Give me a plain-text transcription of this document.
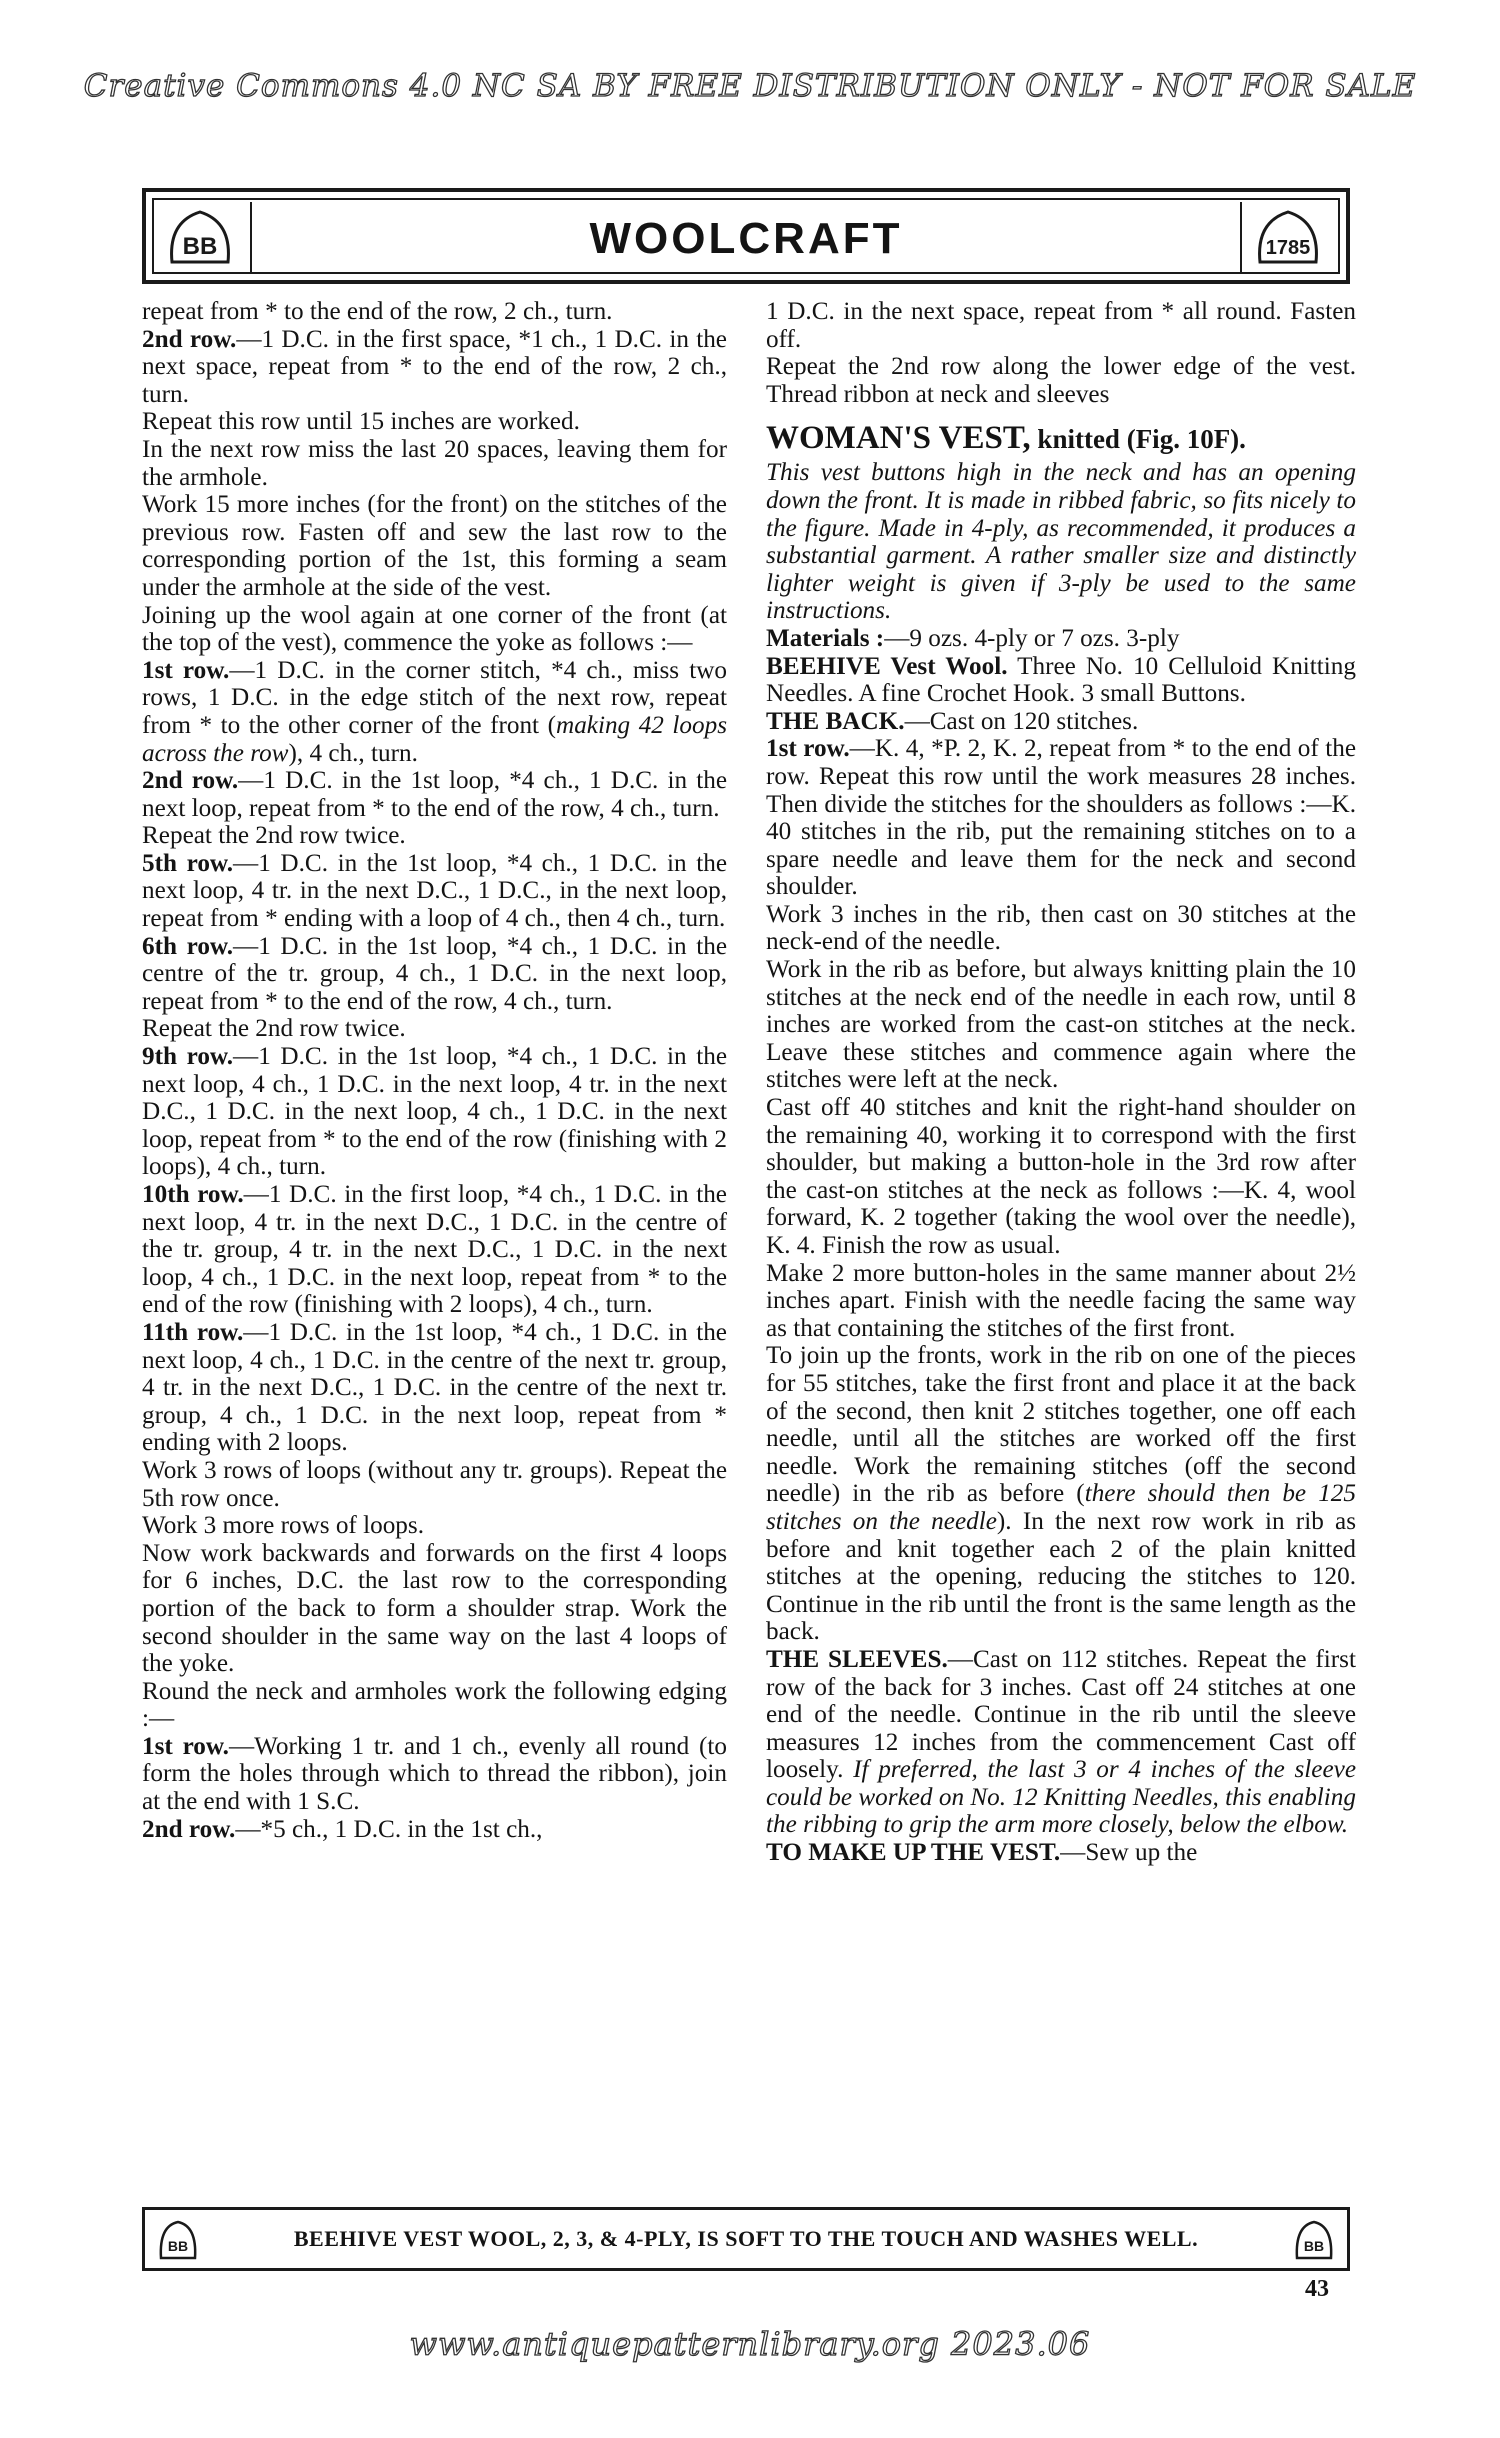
Creative Commons 4.0 NC SA BY FREE DISTRIBUTION ONLY - NOT FOR SALE
BB	WOOLCRAFT	1785

repeat from * to the end of the row, 2 ch., turn.
2nd row.—1 D.C. in the first space, *1 ch., 1 D.C. in the next space, repeat from * to the end of the row, 2 ch., turn.

Repeat this row until 15 inches are worked.

In the next row miss the last 20 spaces, leaving them for the armhole.

Work 15 more inches (for the front) on the stitches of the previous row. Fasten off and sew the last row to the corresponding portion of the 1st, this forming a seam under the armhole at the side of the vest.

Joining up the wool again at one corner of the front (at the top of the vest), commence the yoke as follows :—

1st row.—1 D.C. in the corner stitch, *4 ch., miss two rows, 1 D.C. in the edge stitch of the next row, repeat from * to the other corner of the front (making 42 loops across the row), 4 ch., turn.

2nd row.—1 D.C. in the 1st loop, *4 ch., 1 D.C. in the next loop, repeat from * to the end of the row, 4 ch., turn.

Repeat the 2nd row twice.

5th row.—1 D.C. in the 1st loop, *4 ch., 1 D.C. in the next loop, 4 tr. in the next D.C., 1 D.C., in the next loop, repeat from * ending with a loop of 4 ch., then 4 ch., turn.

6th row.—1 D.C. in the 1st loop, *4 ch., 1 D.C. in the centre of the tr. group, 4 ch., 1 D.C. in the next loop, repeat from * to the end of the row, 4 ch., turn.

Repeat the 2nd row twice.

9th row.—1 D.C. in the 1st loop, *4 ch., 1 D.C. in the next loop, 4 ch., 1 D.C. in the next loop, 4 tr. in the next D.C., 1 D.C. in the next loop, 4 ch., 1 D.C. in the next loop, repeat from * to the end of the row (finishing with 2 loops), 4 ch., turn.

10th row.—1 D.C. in the first loop, *4 ch., 1 D.C. in the next loop, 4 tr. in the next D.C., 1 D.C. in the centre of the tr. group, 4 tr. in the next D.C., 1 D.C. in the next loop, 4 ch., 1 D.C. in the next loop, repeat from * to the end of the row (finishing with 2 loops), 4 ch., turn.

11th row.—1 D.C. in the 1st loop, *4 ch., 1 D.C. in the next loop, 4 ch., 1 D.C. in the centre of the next tr. group, 4 tr. in the next D.C., 1 D.C. in the centre of the next tr. group, 4 ch., 1 D.C. in the next loop, repeat from * ending with 2 loops.

Work 3 rows of loops (without any tr. groups). Repeat the 5th row once.

Work 3 more rows of loops.

Now work backwards and forwards on the first 4 loops for 6 inches, D.C. the last row to the corresponding portion of the back to form a shoulder strap. Work the second shoulder in the same way on the last 4 loops of the yoke.

Round the neck and armholes work the following edging :—

1st row.—Working 1 tr. and 1 ch., evenly all round (to form the holes through which to thread the ribbon), join at the end with 1 S.C.

2nd row.—*5 ch., 1 D.C. in the 1st ch.,

1 D.C. in the next space, repeat from * all round. Fasten off.

Repeat the 2nd row along the lower edge of the vest. Thread ribbon at neck and sleeves

WOMAN'S VEST, knitted (Fig. 10F).

This vest buttons high in the neck and has an opening down the front. It is made in ribbed fabric, so fits nicely to the figure. Made in 4-ply, as recommended, it produces a substantial garment. A rather smaller size and distinctly lighter weight is given if 3-ply be used to the same instructions.

Materials :—9 ozs. 4-ply or 7 ozs. 3-ply
BEEHIVE Vest Wool. Three No. 10 Celluloid Knitting Needles. A fine Crochet Hook. 3 small Buttons.

THE BACK.—Cast on 120 stitches.

1st row.—K. 4, *P. 2, K. 2, repeat from * to the end of the row. Repeat this row until the work measures 28 inches. Then divide the stitches for the shoulders as follows :—K. 40 stitches in the rib, put the remaining stitches on to a spare needle and leave them for the neck and second shoulder.

Work 3 inches in the rib, then cast on 30 stitches at the neck-end of the needle.

Work in the rib as before, but always knitting plain the 10 stitches at the neck end of the needle in each row, until 8 inches are worked from the cast-on stitches at the neck. Leave these stitches and commence again where the stitches were left at the neck.

Cast off 40 stitches and knit the right-hand shoulder on the remaining 40, working it to correspond with the first shoulder, but making a button-hole in the 3rd row after the cast-on stitches at the neck as follows :—K. 4, wool forward, K. 2 together (taking the wool over the needle), K. 4. Finish the row as usual.

Make 2 more button-holes in the same manner about 2½ inches apart. Finish with the needle facing the same way as that containing the stitches of the first front.

To join up the fronts, work in the rib on one of the pieces for 55 stitches, take the first front and place it at the back of the second, then knit 2 stitches together, one off each needle, until all the stitches are worked off the first needle. Work the remaining stitches (off the second needle) in the rib as before (there should then be 125 stitches on the needle). In the next row work in rib as before and knit together each 2 of the plain knitted stitches at the opening, reducing the stitches to 120. Continue in the rib until the front is the same length as the back.

THE SLEEVES.—Cast on 112 stitches. Repeat the first row of the back for 3 inches. Cast off 24 stitches at one end of the needle. Continue in the rib until the sleeve measures 12 inches from the commencement Cast off loosely. If preferred, the last 3 or 4 inches of the sleeve could be worked on No. 12 Knitting Needles, this enabling the ribbing to grip the arm more closely, below the elbow.

TO MAKE UP THE VEST.—Sew up the

BB	BEEHIVE VEST WOOL, 2, 3, & 4-PLY, IS SOFT TO THE TOUCH AND WASHES WELL.	BB
43
www.antiquepatternlibrary.org 2023.06
